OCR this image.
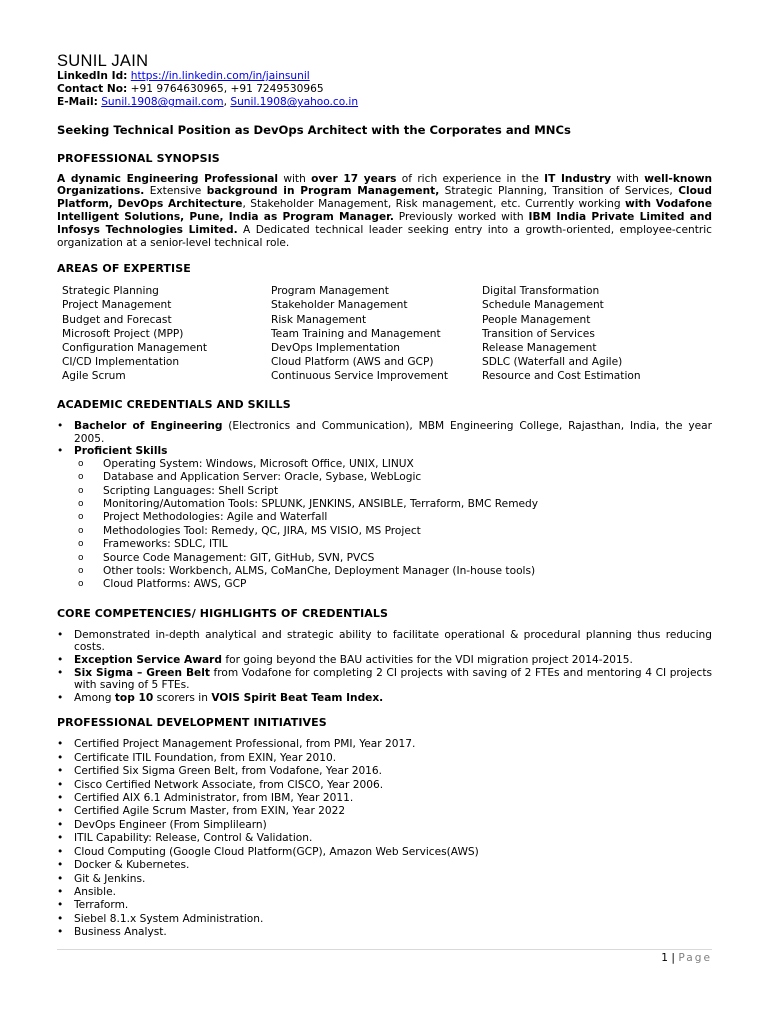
SUNIL JAIN
LinkedIn Id: https://in.linkedin.com/in/jainsunil
Contact No: +91 9764630965, +91 7249530965
E-Mail: Sunil.1908@gmail.com, Sunil.1908@yahoo.co.in
Seeking Technical Position as DevOps Architect with the Corporates and MNCs
PROFESSIONAL SYNOPSIS
A dynamic Engineering Professional with over 17 years of rich experience in the IT Industry with well-known Organizations. Extensive background in Program Management, Strategic Planning, Transition of Services, Cloud Platform, DevOps Architecture, Stakeholder Management, Risk management, etc. Currently working with Vodafone Intelligent Solutions, Pune, India as Program Manager. Previously worked with IBM India Private Limited and Infosys Technologies Limited. A Dedicated technical leader seeking entry into a growth-oriented, employee-centric organization at a senior-level technical role.
AREAS OF EXPERTISE
Strategic Planning	Program Management	Digital Transformation
Project Management	Stakeholder Management	Schedule Management
Budget and Forecast	Risk Management	People Management
Microsoft Project (MPP)	Team Training and Management	Transition of Services
Configuration Management	DevOps Implementation	Release Management
CI/CD Implementation	Cloud Platform (AWS and GCP)	SDLC (Waterfall and Agile)
Agile Scrum	Continuous Service Improvement	Resource and Cost Estimation
ACADEMIC CREDENTIALS AND SKILLS
• Bachelor of Engineering (Electronics and Communication), MBM Engineering College, Rajasthan, India, the year 2005.
• Proficient Skills
o Operating System: Windows, Microsoft Office, UNIX, LINUX
o Database and Application Server: Oracle, Sybase, WebLogic
o Scripting Languages: Shell Script
o Monitoring/Automation Tools: SPLUNK, JENKINS, ANSIBLE, Terraform, BMC Remedy
o Project Methodologies: Agile and Waterfall
o Methodologies Tool: Remedy, QC, JIRA, MS VISIO, MS Project
o Frameworks: SDLC, ITIL
o Source Code Management: GIT, GitHub, SVN, PVCS
o Other tools: Workbench, ALMS, CoManChe, Deployment Manager (In-house tools)
o Cloud Platforms: AWS, GCP
CORE COMPETENCIES/ HIGHLIGHTS OF CREDENTIALS
• Demonstrated in-depth analytical and strategic ability to facilitate operational & procedural planning thus reducing costs.
• Exception Service Award for going beyond the BAU activities for the VDI migration project 2014-2015.
• Six Sigma – Green Belt from Vodafone for completing 2 CI projects with saving of 2 FTEs and mentoring 4 CI projects with saving of 5 FTEs.
• Among top 10 scorers in VOIS Spirit Beat Team Index.
PROFESSIONAL DEVELOPMENT INITIATIVES
• Certified Project Management Professional, from PMI, Year 2017.
• Certificate ITIL Foundation, from EXIN, Year 2010.
• Certified Six Sigma Green Belt, from Vodafone, Year 2016.
• Cisco Certified Network Associate, from CISCO, Year 2006.
• Certified AIX 6.1 Administrator, from IBM, Year 2011.
• Certified Agile Scrum Master, from EXIN, Year 2022
• DevOps Engineer (From Simplilearn)
• ITIL Capability: Release, Control & Validation.
• Cloud Computing (Google Cloud Platform(GCP), Amazon Web Services(AWS)
• Docker & Kubernetes.
• Git & Jenkins.
• Ansible.
• Terraform.
• Siebel 8.1.x System Administration.
• Business Analyst.
1 | Page
